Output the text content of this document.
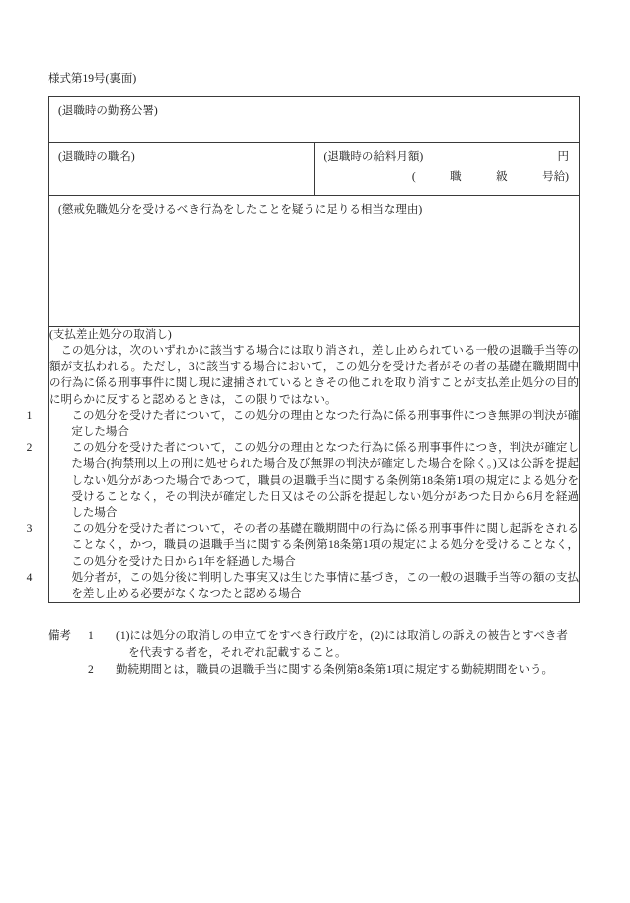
様式第19号(裏面)
(退職時の勤務公署)

(退職時の職名)	(退職時の給料月額)	円
(　　　職　　　級　　　号給)

(懲戒免職処分を受けるべき行為をしたことを疑うに足りる相当な理由)

(支払差止処分の取消し)

この処分は，次のいずれかに該当する場合には取り消され，差し止められている一般の退職手当等の額が支払われる。ただし，3に該当する場合において，この処分を受けた者がその者の基礎在職期間中の行為に係る刑事事件に関し現に逮捕されているときその他これを取り消すことが支払差止処分の目的に明らかに反すると認めるときは，この限りではない。

1	この処分を受けた者について，この処分の理由となつた行為に係る刑事事件につき無罪の判決が確定した場合
2	この処分を受けた者について，この処分の理由となつた行為に係る刑事事件につき，判決が確定した場合(拘禁刑以上の刑に処せられた場合及び無罪の判決が確定した場合を除く。)又は公訴を提起しない処分があつた場合であつて，職員の退職手当に関する条例第18条第1項の規定による処分を受けることなく，その判決が確定した日又はその公訴を提起しない処分があつた日から6月を経過した場合
3	この処分を受けた者について，その者の基礎在職期間中の行為に係る刑事事件に関し起訴をされることなく，かつ，職員の退職手当に関する条例第18条第1項の規定による処分を受けることなく，この処分を受けた日から1年を経過した場合
4	処分者が，この処分後に判明した事実又は生じた事情に基づき，この一般の退職手当等の額の支払を差し止める必要がなくなつたと認める場合
備考	1	(1)には処分の取消しの申立てをすべき行政庁を，(2)には取消しの訴えの被告とすべき者
を代表する者を，それぞれ記載すること。
2	勤続期間とは，職員の退職手当に関する条例第8条第1項に規定する勤続期間をいう。
